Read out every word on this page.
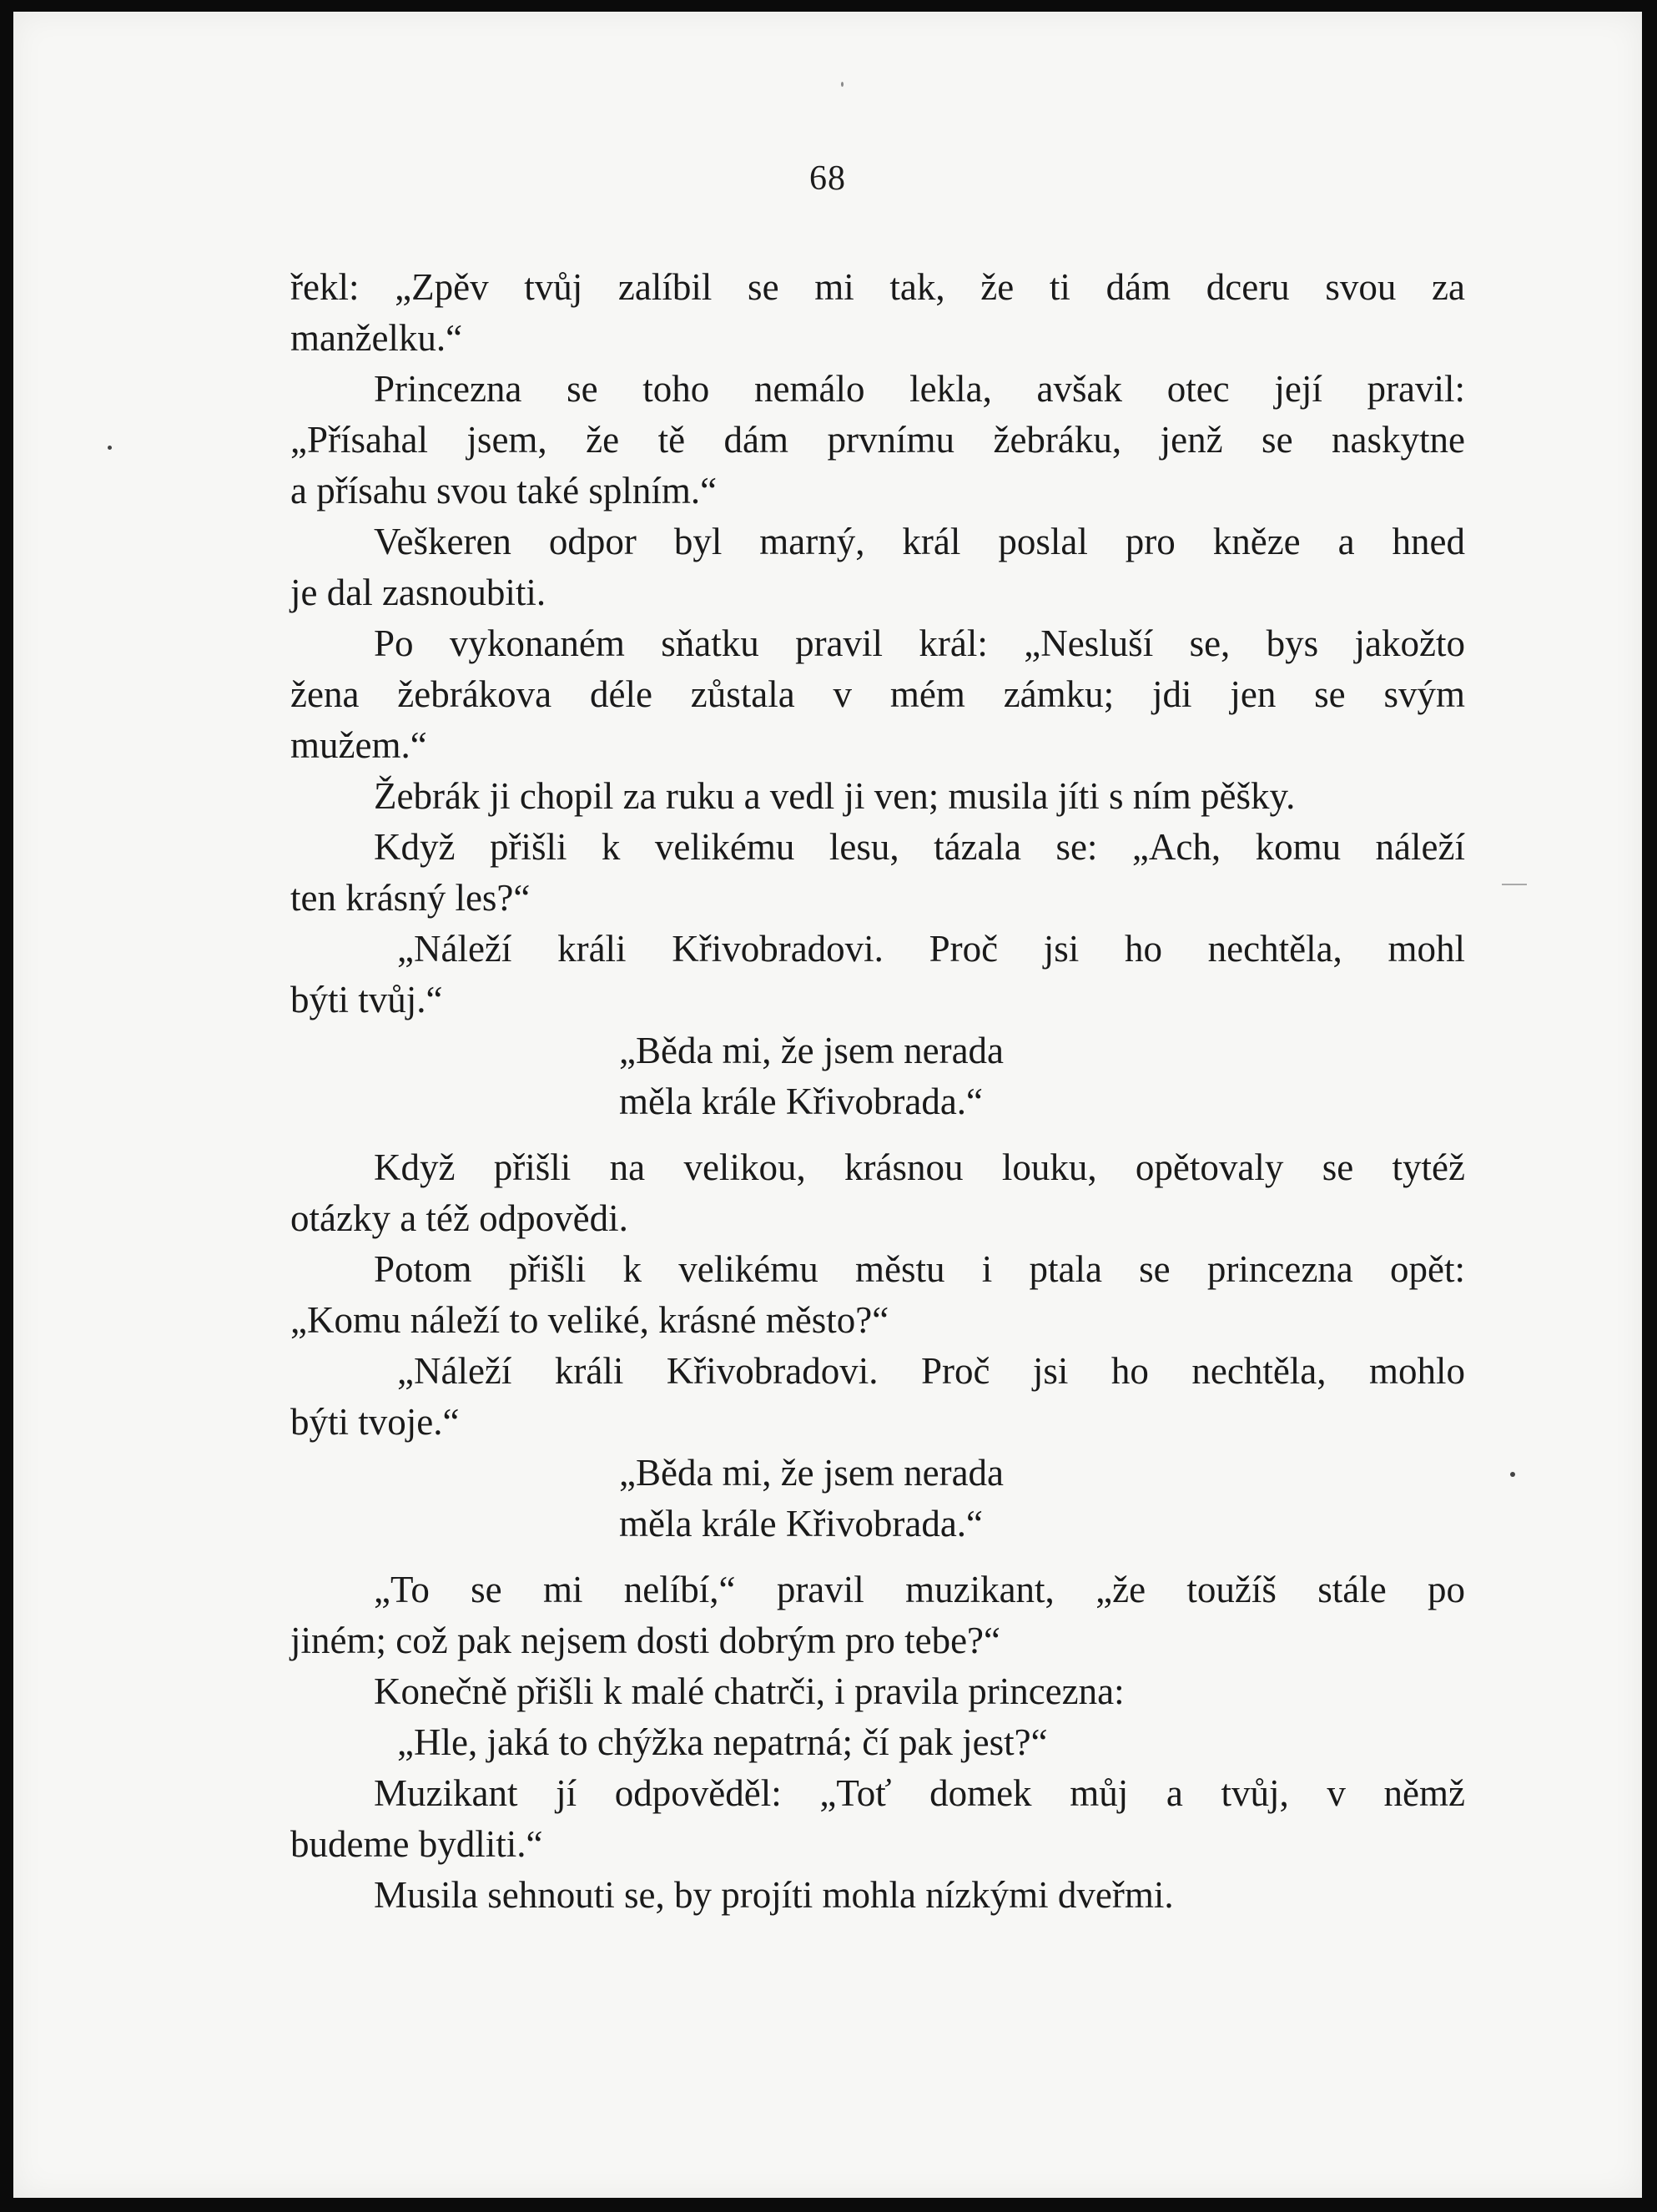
68
řekl: „Zpěv tvůj zalíbil se mi tak, že ti dám dceru svou za
manželku.“
Princezna se toho nemálo lekla, avšak otec její pravil:
„Přísahal jsem, že tě dám prvnímu žebráku, jenž se naskytne
a přísahu svou také splním.“
Veškeren odpor byl marný, král poslal pro kněze a hned
je dal zasnoubiti.
Po vykonaném sňatku pravil král: „Nesluší se, bys jakožto
žena žebrákova déle zůstala v mém zámku; jdi jen se svým
mužem.“
Žebrák ji chopil za ruku a vedl ji ven; musila jíti s ním pěšky.
Když přišli k velikému lesu, tázala se: „Ach, komu náleží
ten krásný les?“
„Náleží králi Křivobradovi. Proč jsi ho nechtěla, mohl
býti tvůj.“
„Běda mi, že jsem nerada
měla krále Křivobrada.“
Když přišli na velikou, krásnou louku, opětovaly se tytéž
otázky a též odpovědi.
Potom přišli k velikému městu i ptala se princezna opět:
„Komu náleží to veliké, krásné město?“
„Náleží králi Křivobradovi. Proč jsi ho nechtěla, mohlo
býti tvoje.“
„Běda mi, že jsem nerada
měla krále Křivobrada.“
„To se mi nelíbí,“ pravil muzikant, „že toužíš stále po
jiném; což pak nejsem dosti dobrým pro tebe?“
Konečně přišli k malé chatrči, i pravila princezna:
„Hle, jaká to chýžka nepatrná; čí pak jest?“
Muzikant jí odpověděl: „Toť domek můj a tvůj, v němž
budeme bydliti.“
Musila sehnouti se, by projíti mohla nízkými dveřmi.
